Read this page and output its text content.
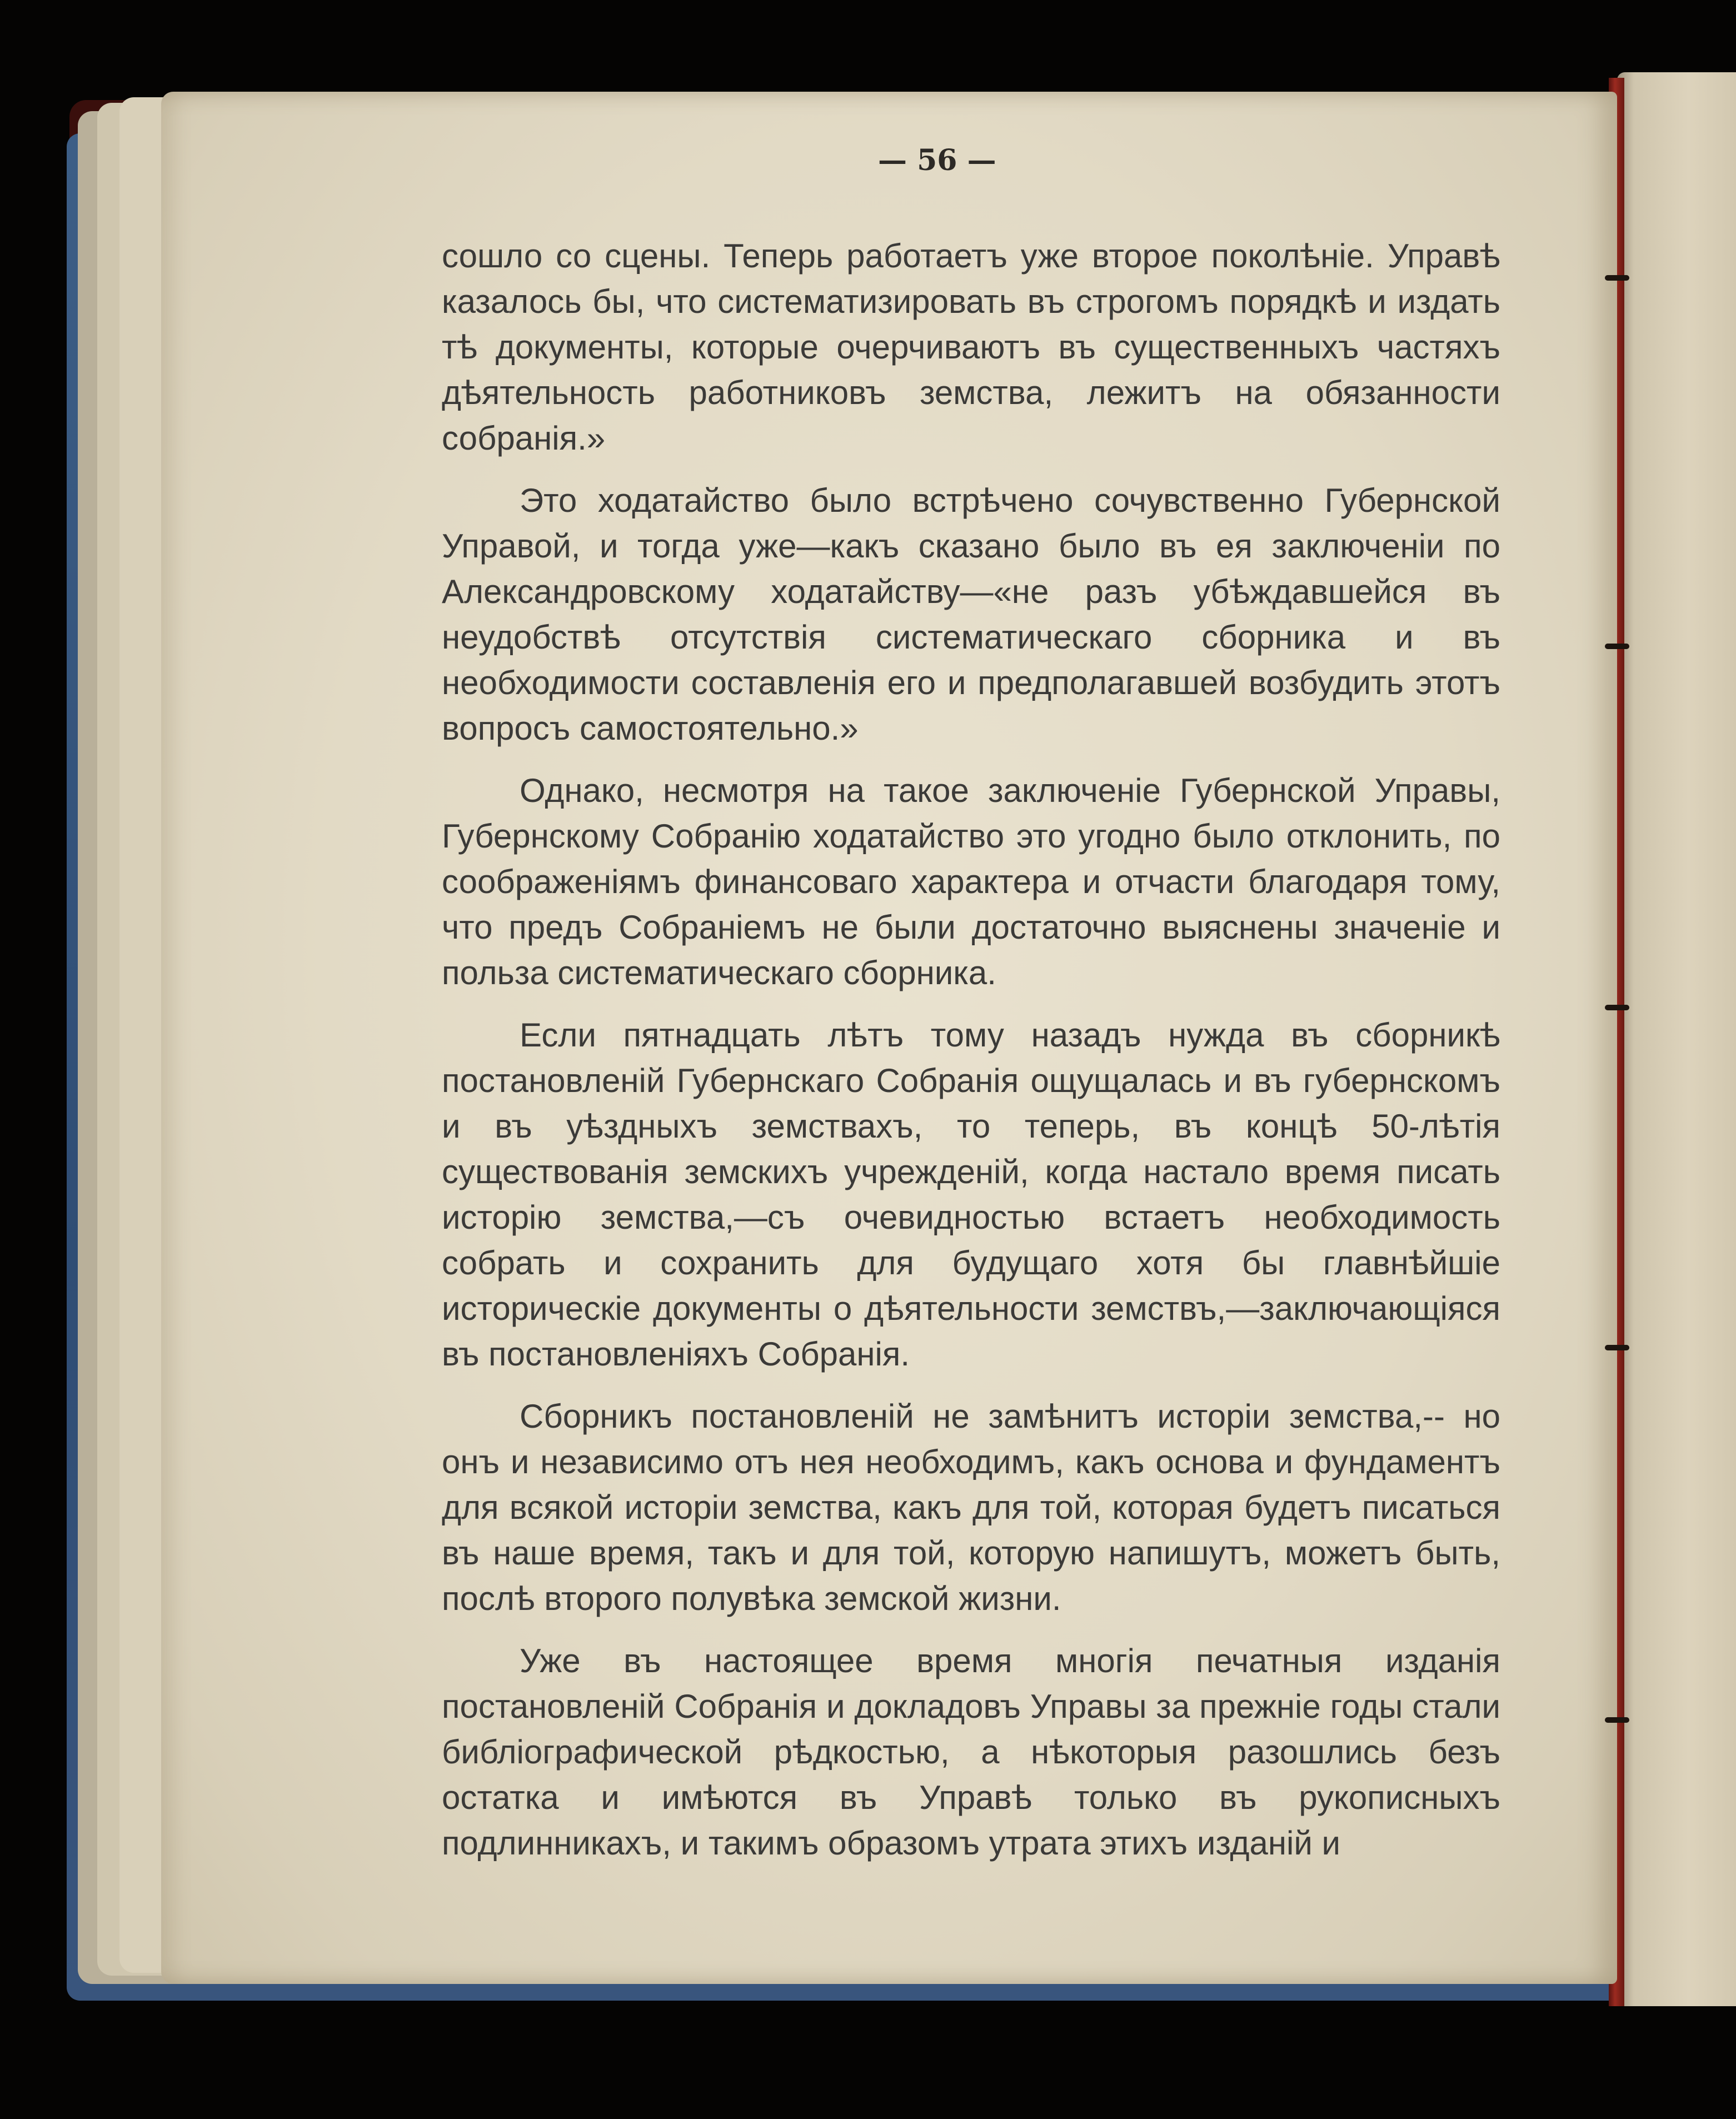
— 56 —

сошло со сцены. Теперь работаетъ уже второе поколѣніе. Управѣ казалось бы, что систематизировать въ строгомъ порядкѣ и издать тѣ документы, которые очерчиваютъ въ существенныхъ частяхъ дѣятельность работниковъ земства, лежитъ на обязанности собранія.»

Это ходатайство было встрѣчено сочувственно Губернской Управой, и тогда уже—какъ сказано было въ ея заключеніи по Александровскому ходатайству—«не разъ убѣждавшейся въ неудобствѣ отсутствія систематическаго сборника и въ необходимости составленія его и предполагавшей возбудить этотъ вопросъ самостоятельно.»

Однако, несмотря на такое заключеніе Губернской Управы, Губернскому Собранію ходатайство это угодно было отклонить, по соображеніямъ финансоваго характера и отчасти благодаря тому, что предъ Собраніемъ не были достаточно выяснены значеніе и польза систематическаго сборника.

Если пятнадцать лѣтъ тому назадъ нужда въ сборникѣ постановленій Губернскаго Собранія ощущалась и въ губернскомъ и въ уѣздныхъ земствахъ, то теперь, въ концѣ 50-лѣтія существованія земскихъ учрежденій, когда настало время писать исторію земства,—съ очевидностью встаетъ необходимость собрать и сохранить для будущаго хотя бы главнѣйшіе историческіе документы о дѣятельности земствъ,—заключающіяся въ постановленіяхъ Собранія.

Сборникъ постановленій не замѣнитъ исторіи земства,-- но онъ и независимо отъ нея необходимъ, какъ основа и фундаментъ для всякой исторіи земства, какъ для той, которая будетъ писаться въ наше время, такъ и для той, которую напишутъ, можетъ быть, послѣ второго полувѣка земской жизни.

Уже въ настоящее время многія печатныя изданія постановленій Собранія и докладовъ Управы за прежніе годы стали библіографической рѣдкостью, а нѣкоторыя разошлись безъ остатка и имѣются въ Управѣ только въ рукописныхъ подлинникахъ, и такимъ образомъ утрата этихъ изданій и
